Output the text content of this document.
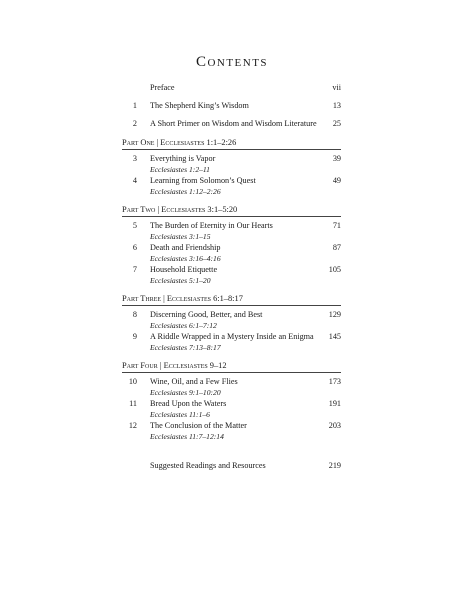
Contents
Preface	vii
1 The Shepherd King’s Wisdom	13
2 A Short Primer on Wisdom and Wisdom Literature 25
Part One | Ecclesiastes 1:1–2:26
3 Everything is Vapor	39
Ecclesiastes 1:2–11
4 Learning from Solomon’s Quest	49
Ecclesiastes 1:12–2:26
Part Two | Ecclesiastes 3:1–5:20
5 The Burden of Eternity in Our Hearts	71
Ecclesiastes 3:1–15
6 Death and Friendship	87
Ecclesiastes 3:16–4:16
7 Household Etiquette	105
Ecclesiastes 5:1–20
Part Three | Ecclesiastes 6:1–8:17
8 Discerning Good, Better, and Best	129
Ecclesiastes 6:1–7:12
9 A Riddle Wrapped in a Mystery Inside an Enigma 145
Ecclesiastes 7:13–8:17
Part Four | Ecclesiastes 9–12
10 Wine, Oil, and a Few Flies	173
Ecclesiastes 9:1–10:20
11 Bread Upon the Waters	191
Ecclesiastes 11:1–6
12 The Conclusion of the Matter	203
Ecclesiastes 11:7–12:14
Suggested Readings and Resources	219
